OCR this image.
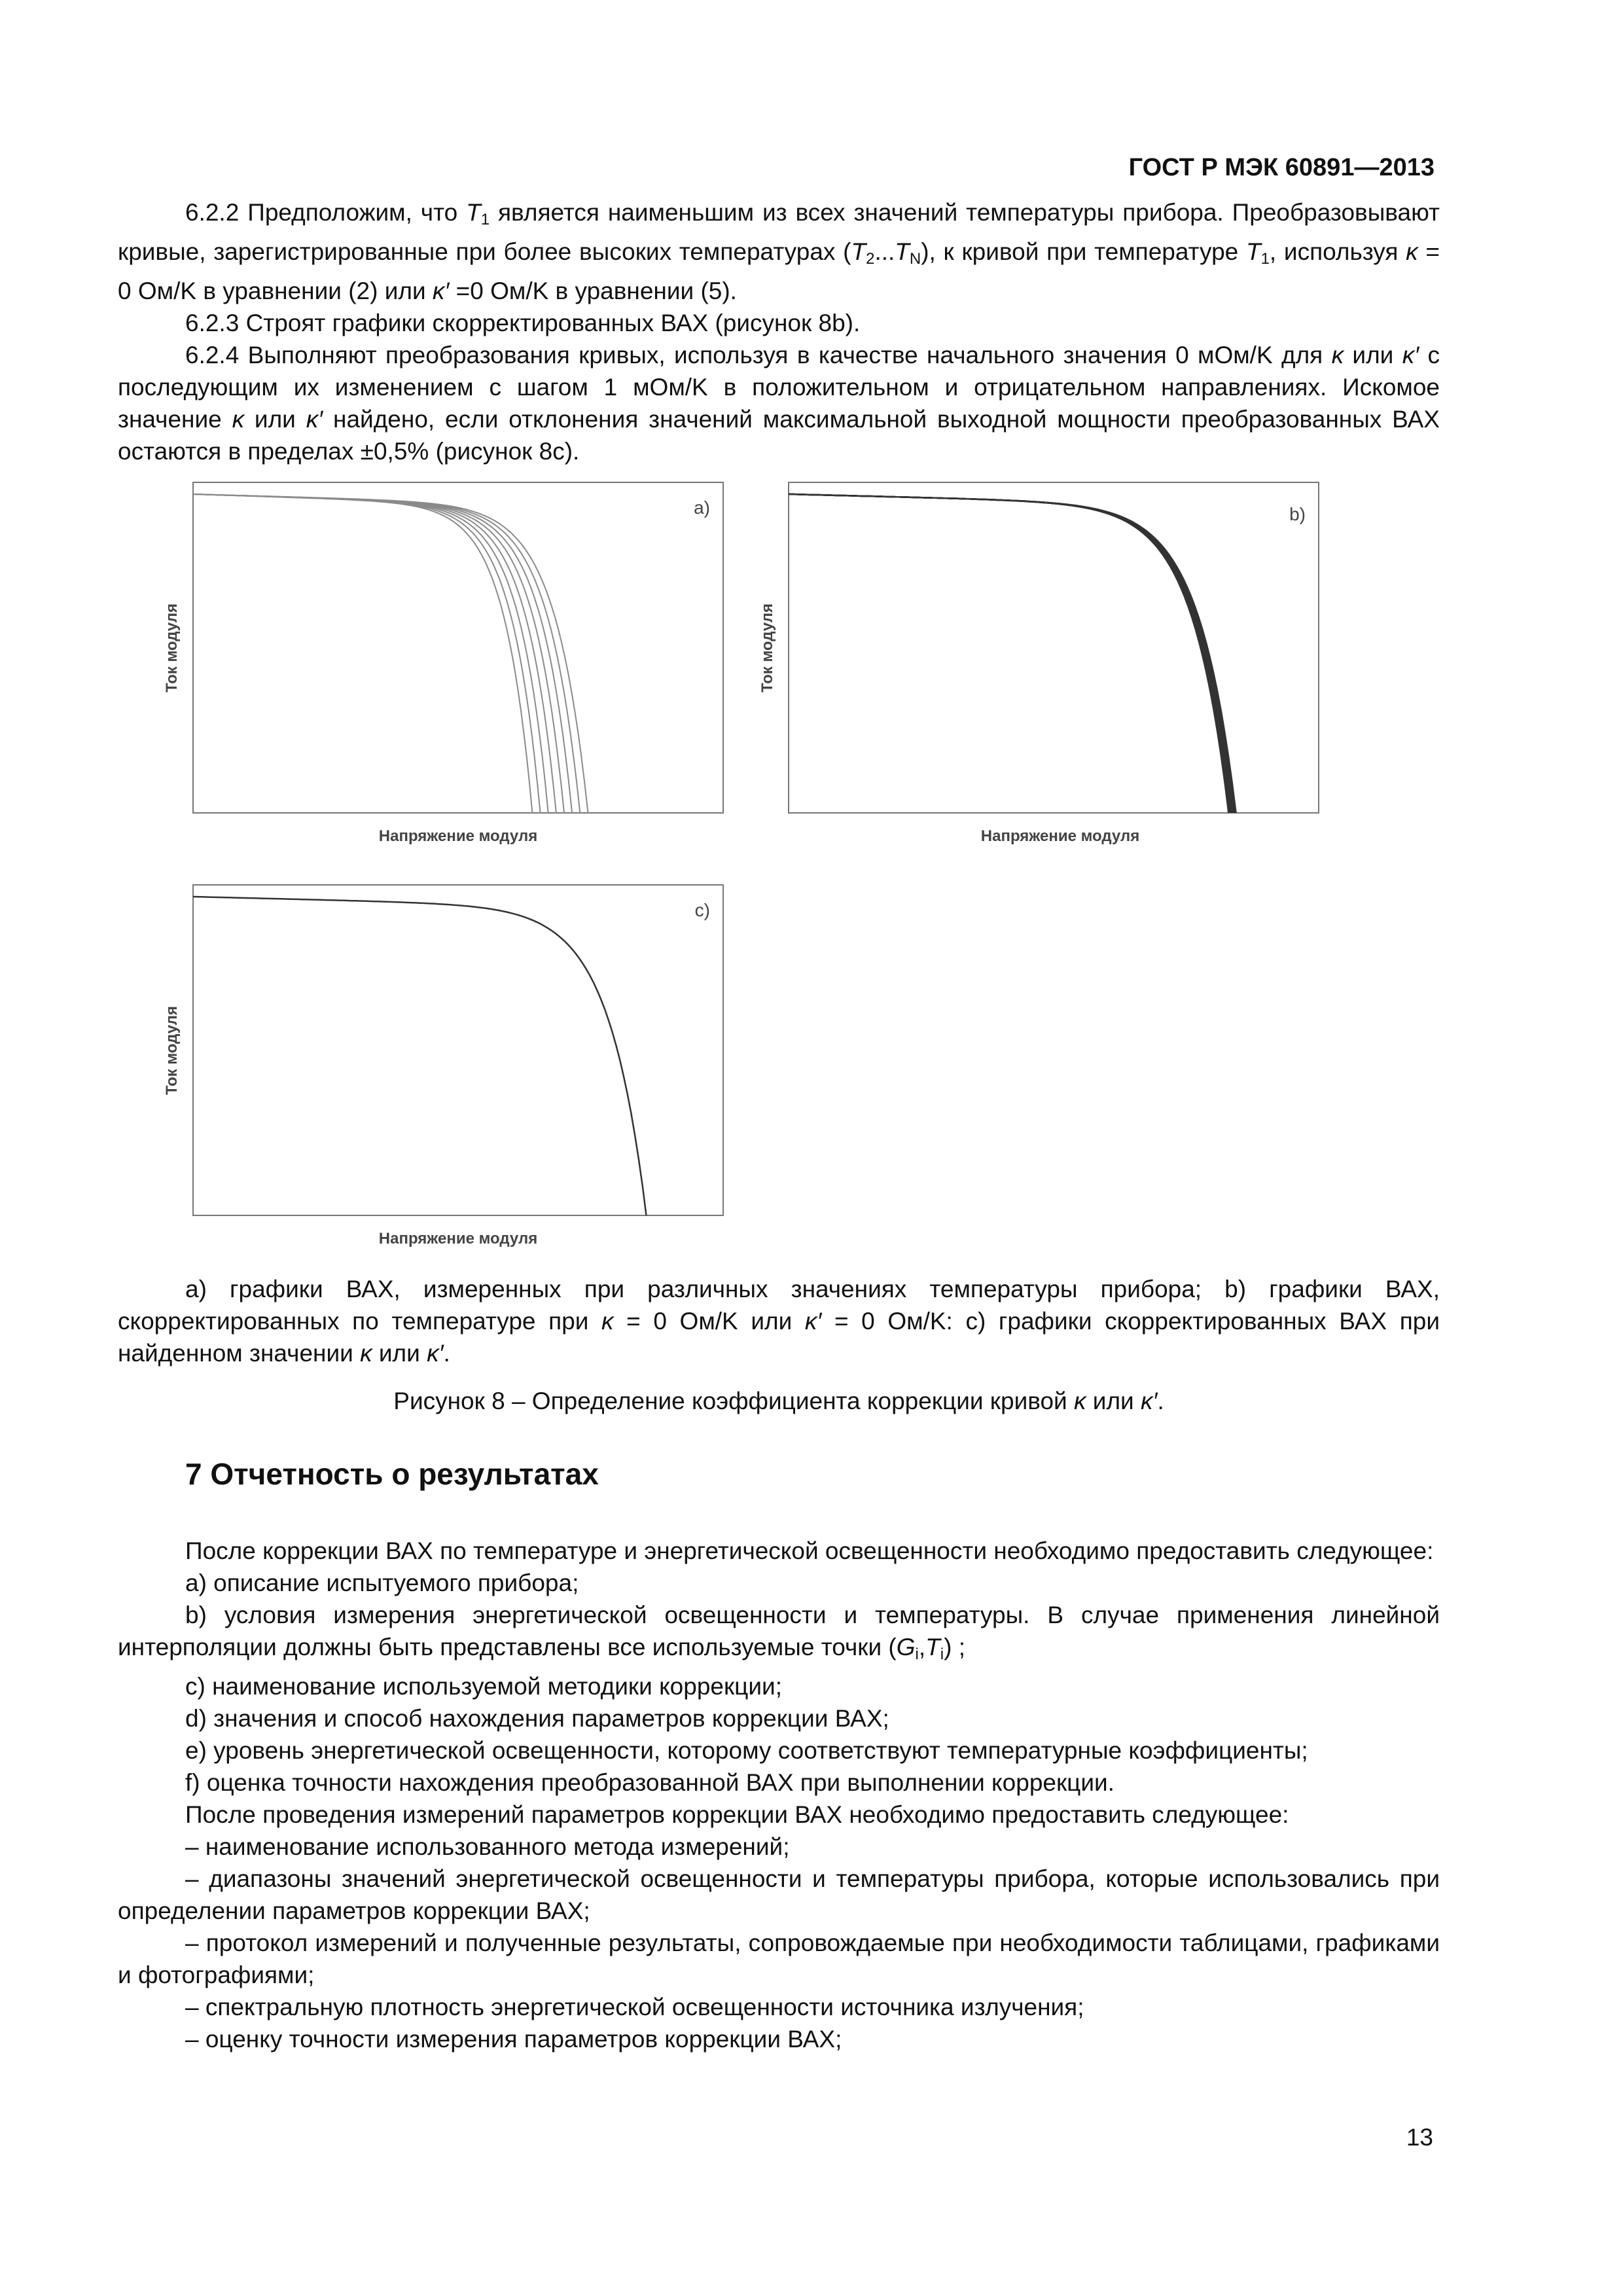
ГОСТ Р МЭК 60891—2013

6.2.2 Предположим, что $T_1$ является наименьшим из всех значений температуры прибора. Преобразовывают кривые, зарегистрированные при более высоких температурах $(T_2...T_N)$, к кривой при температуре $T_1$, используя κ = 0 Ом/K в уравнении (2) или κ′ =0 Ом/K в уравнении (5).

6.2.3 Строят графики скорректированных ВАХ (рисунок 8b).

6.2.4 Выполняют преобразования кривых, используя в качестве начального значения 0 мОм/K для κ или κ′ с последующим их изменением с шагом 1 мОм/K в положительном и отрицательном направлениях. Искомое значение κ или κ′ найдено, если отклонения значений максимальной выходной мощности преобразованных ВАХ остаются в пределах ±0,5% (рисунок 8c).

a)
Напряжение модуля
Ток модуля
b)
Напряжение модуля
Ток модуля
c)
Напряжение модуля
Ток модуля

а) графики ВАХ, измеренных при различных значениях температуры прибора; b) графики ВАХ, скорректированных по температуре при κ = 0 Ом/K или κ′ = 0 Ом/K: c) графики скорректированных ВАХ при найденном значении κ или κ′.

Рисунок 8 – Определение коэффициента коррекции кривой κ или κ′.
7 Отчетность о результатах

После коррекции ВАХ по температуре и энергетической освещенности необходимо предоставить следующее:

a) описание испытуемого прибора;

b) условия измерения энергетической освещенности и температуры. В случае применения линейной интерполяции должны быть представлены все используемые точки $(G_i,T_i)$ ;

c) наименование используемой методики коррекции;

d) значения и способ нахождения параметров коррекции ВАХ;

e) уровень энергетической освещенности, которому соответствуют температурные коэффициенты;

f) оценка точности нахождения преобразованной ВАХ при выполнении коррекции.

После проведения измерений параметров коррекции ВАХ необходимо предоставить следующее:

– наименование использованного метода измерений;

– диапазоны значений энергетической освещенности и температуры прибора, которые использовались при определении параметров коррекции ВАХ;

– протокол измерений и полученные результаты, сопровождаемые при необходимости таблицами, графиками и фотографиями;

– спектральную плотность энергетической освещенности источника излучения;

– оценку точности измерения параметров коррекции ВАХ;

13
